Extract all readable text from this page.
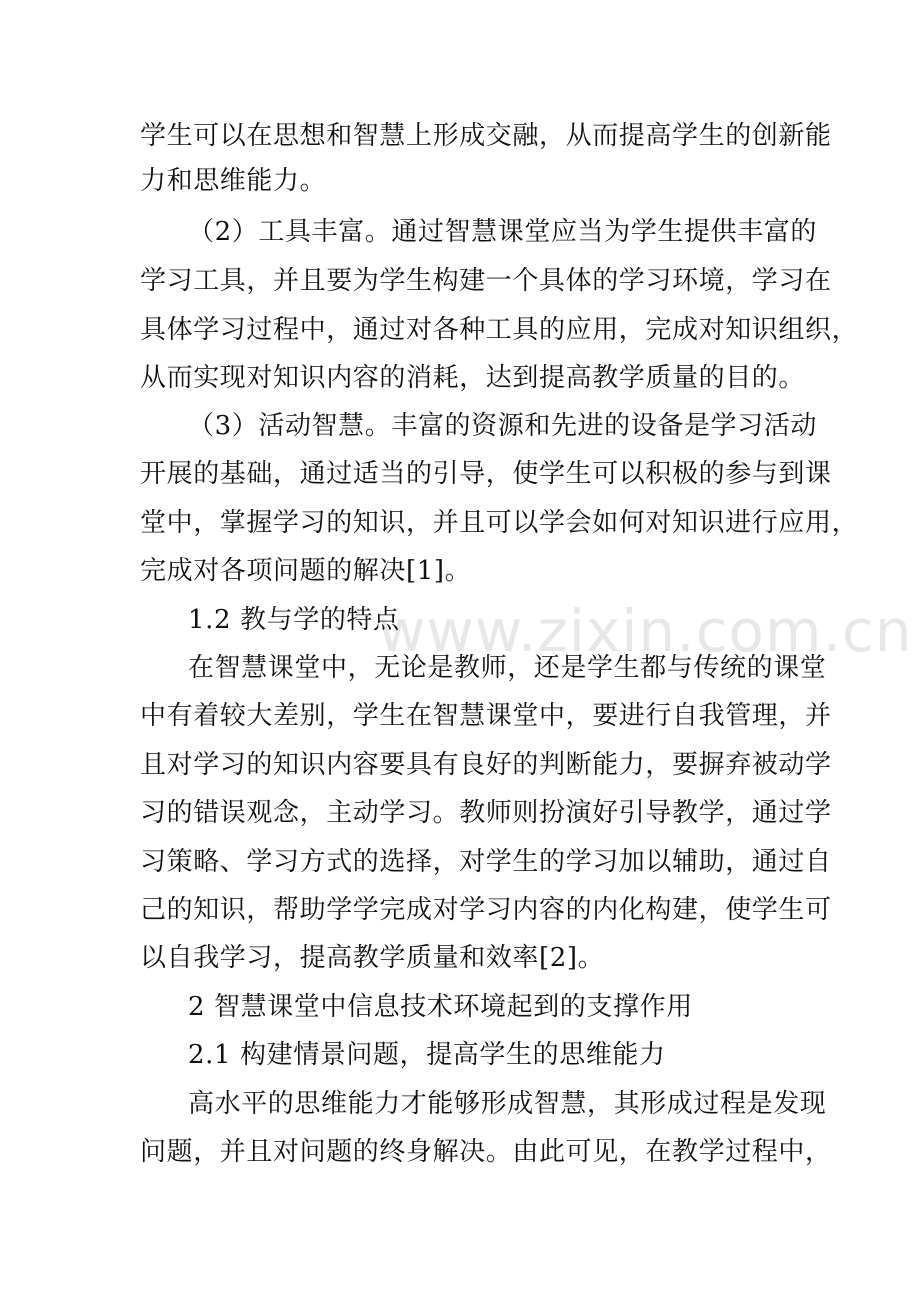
www.zixin.com.cn
学生可以在思想和智慧上形成交融，从而提高学生的创新能
力和思维能力。
（2）工具丰富。通过智慧课堂应当为学生提供丰富的
学习工具，并且要为学生构建一个具体的学习环境，学习在
具体学习过程中，通过对各种工具的应用，完成对知识组织，
从而实现对知识内容的消耗，达到提高教学质量的目的。
（3）活动智慧。丰富的资源和先进的设备是学习活动
开展的基础，通过适当的引导，使学生可以积极的参与到课
堂中，掌握学习的知识，并且可以学会如何对知识进行应用，
完成对各项问题的解决[1]。
1.2 教与学的特点
在智慧课堂中，无论是教师，还是学生都与传统的课堂
中有着较大差别，学生在智慧课堂中，要进行自我管理，并
且对学习的知识内容要具有良好的判断能力，要摒弃被动学
习的错误观念，主动学习。教师则扮演好引导教学，通过学
习策略、学习方式的选择，对学生的学习加以辅助，通过自
己的知识，帮助学学完成对学习内容的内化构建，使学生可
以自我学习，提高教学质量和效率[2]。
2 智慧课堂中信息技术环境起到的支撑作用
2.1 构建情景问题，提高学生的思维能力
高水平的思维能力才能够形成智慧，其形成过程是发现
问题，并且对问题的终身解决。由此可见，在教学过程中，
